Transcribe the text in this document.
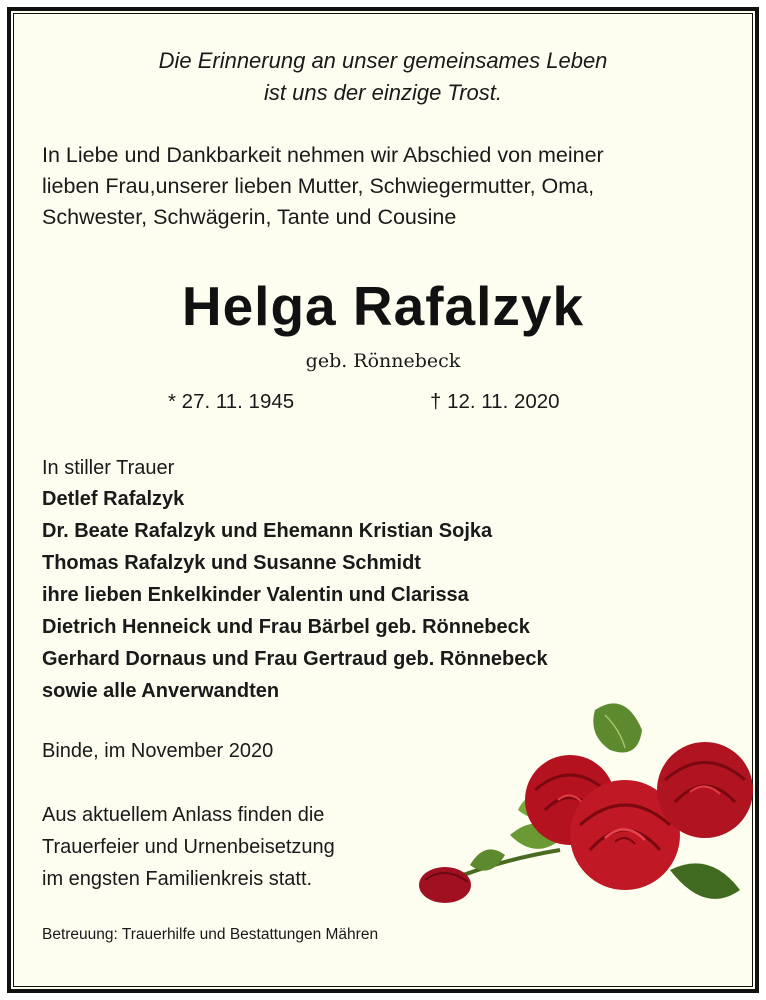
Die Erinnerung an unser gemeinsames Leben
ist uns der einzige Trost.
In Liebe und Dankbarkeit nehmen wir Abschied von meiner
lieben Frau,unserer lieben Mutter, Schwiegermutter, Oma,
Schwester, Schwägerin, Tante und Cousine
Helga Rafalzyk
geb. Rönnebeck
* 27. 11. 1945	† 12. 11. 2020
In stiller Trauer
Detlef Rafalzyk
Dr. Beate Rafalzyk und Ehemann Kristian Sojka
Thomas Rafalzyk und Susanne Schmidt
ihre lieben Enkelkinder Valentin und Clarissa
Dietrich Henneick und Frau Bärbel geb. Rönnebeck
Gerhard Dornaus und Frau Gertraud geb. Rönnebeck
sowie alle Anverwandten
Binde, im November 2020
Aus aktuellem Anlass finden die
Trauerfeier und Urnenbeisetzung
im engsten Familienkreis statt.
Betreuung: Trauerhilfe und Bestattungen Mähren
